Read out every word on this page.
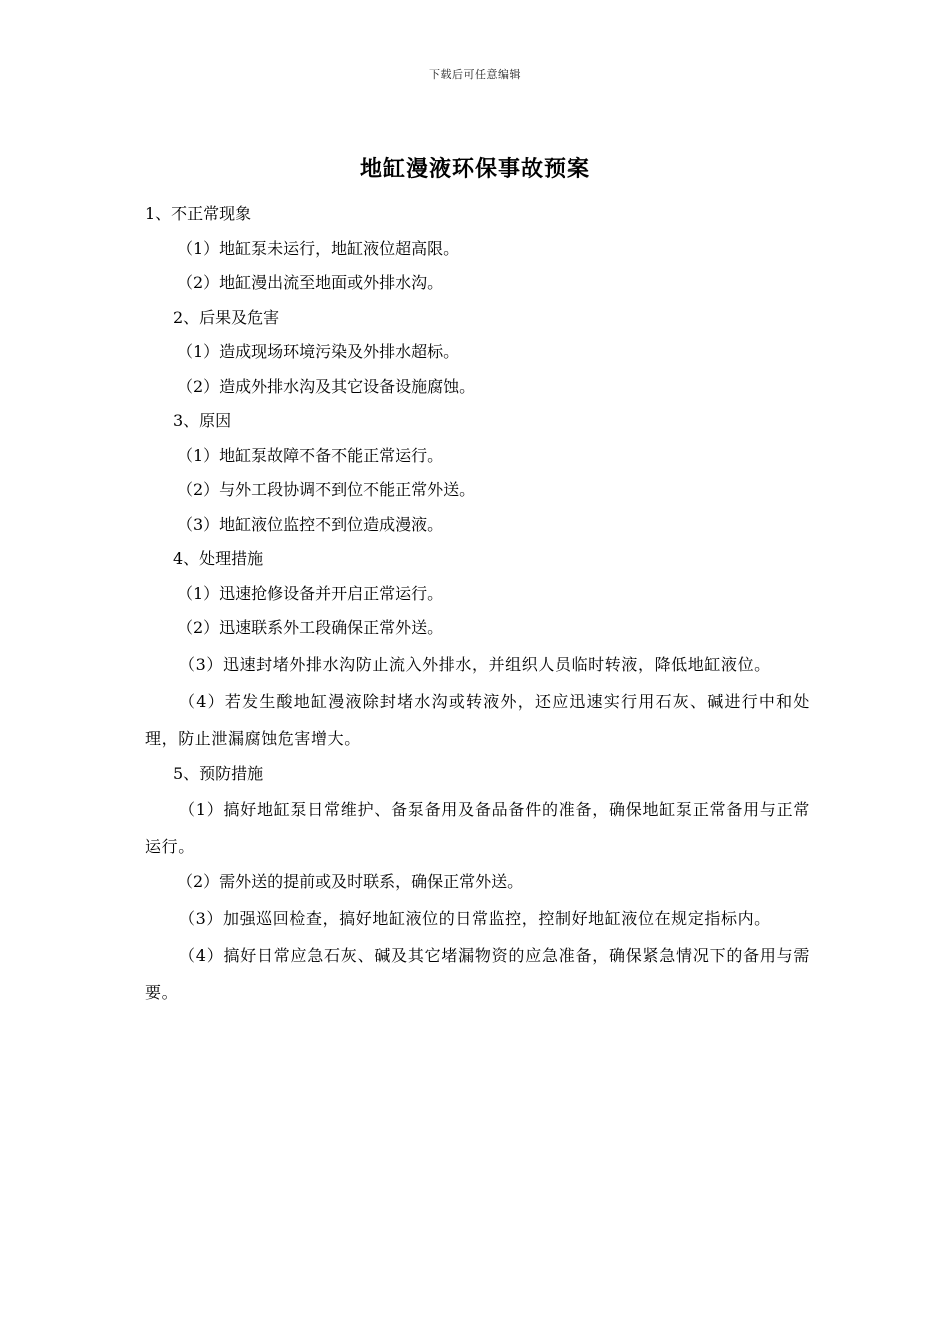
下载后可任意编辑
地缸漫液环保事故预案
1、不正常现象
（1）地缸泵未运行，地缸液位超高限。
（2）地缸漫出流至地面或外排水沟。
2、后果及危害
（1）造成现场环境污染及外排水超标。
（2）造成外排水沟及其它设备设施腐蚀。
3、原因
（1）地缸泵故障不备不能正常运行。
（2）与外工段协调不到位不能正常外送。
（3）地缸液位监控不到位造成漫液。
4、处理措施
（1）迅速抢修设备并开启正常运行。
（2）迅速联系外工段确保正常外送。

（3）迅速封堵外排水沟防止流入外排水，并组织人员临时转液，降低地缸液位。

（4）若发生酸地缸漫液除封堵水沟或转液外，还应迅速实行用石灰、碱进行中和处理，防止泄漏腐蚀危害增大。

5、预防措施

（1）搞好地缸泵日常维护、备泵备用及备品备件的准备，确保地缸泵正常备用与正常运行。

（2）需外送的提前或及时联系，确保正常外送。

（3）加强巡回检查，搞好地缸液位的日常监控，控制好地缸液位在规定指标内。

（4）搞好日常应急石灰、碱及其它堵漏物资的应急准备，确保紧急情况下的备用与需要。
